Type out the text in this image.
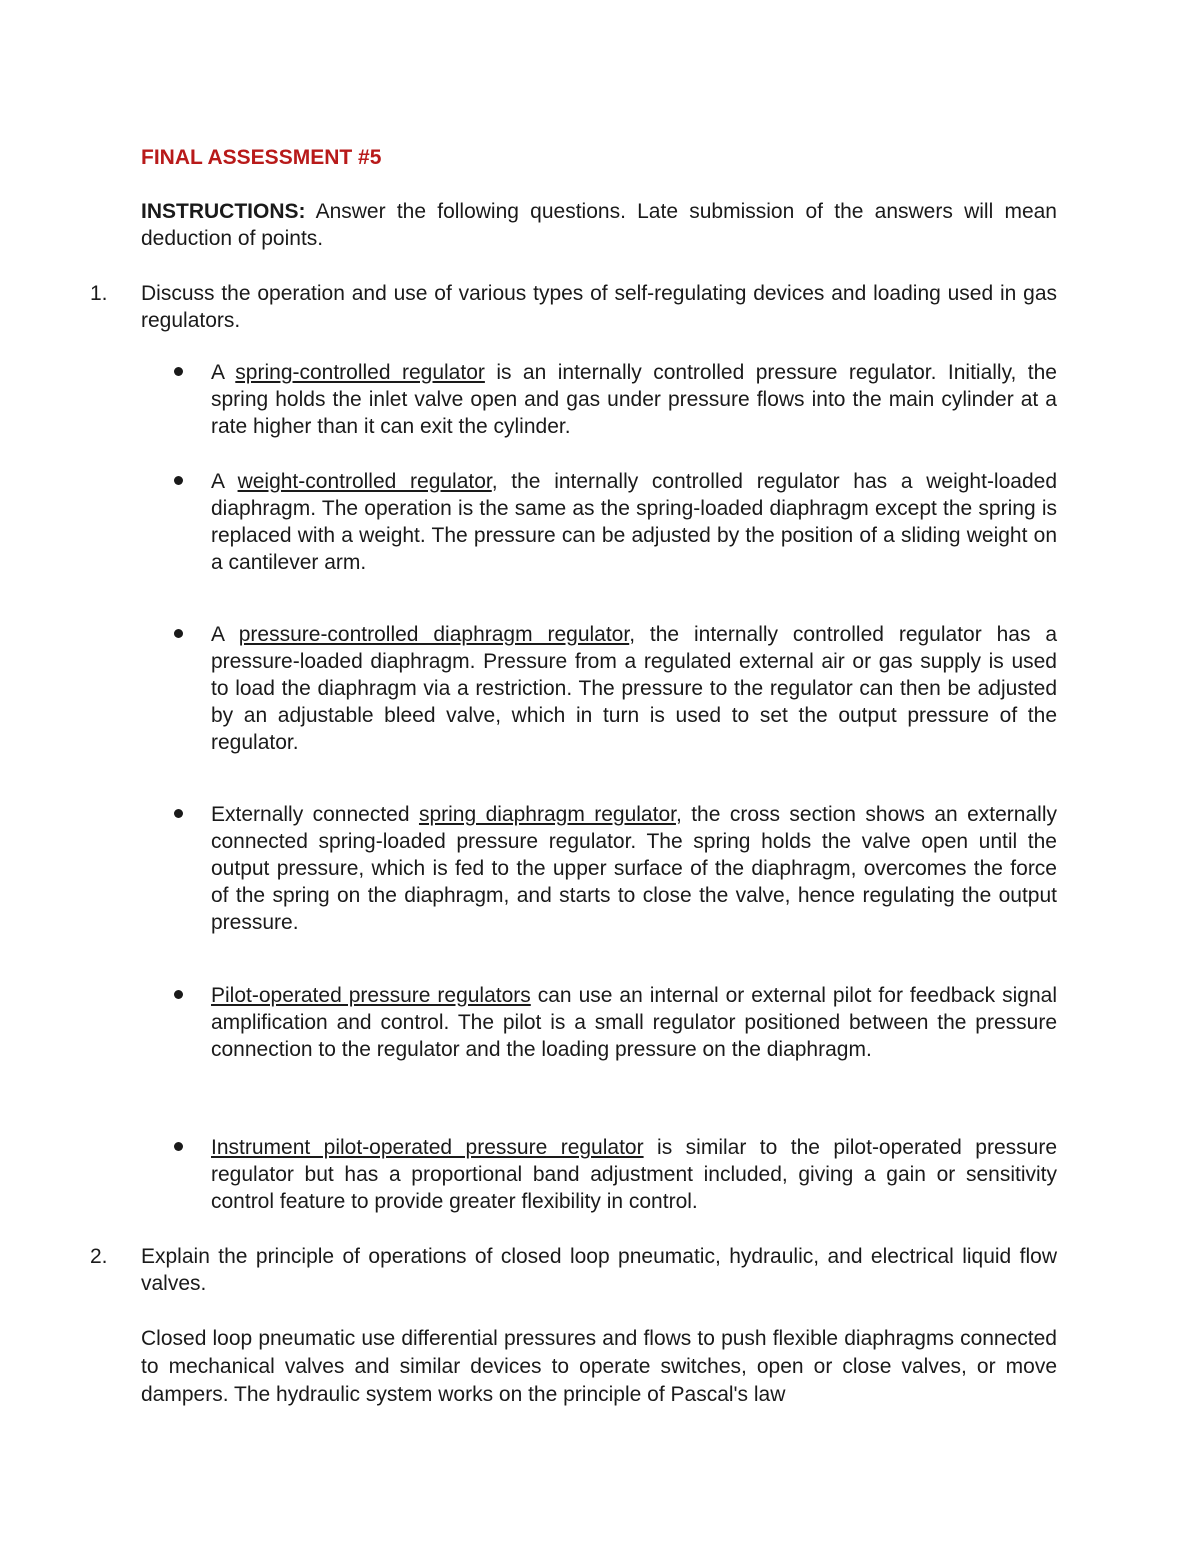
FINAL ASSESSMENT #5
INSTRUCTIONS: Answer the following questions. Late submission of the answers will mean deduction of points.
1. Discuss the operation and use of various types of self-regulating devices and loading used in gas regulators.
A spring-controlled regulator is an internally controlled pressure regulator. Initially, the spring holds the inlet valve open and gas under pressure flows into the main cylinder at a rate higher than it can exit the cylinder.
A weight-controlled regulator, the internally controlled regulator has a weight-loaded diaphragm. The operation is the same as the spring-loaded diaphragm except the spring is replaced with a weight. The pressure can be adjusted by the position of a sliding weight on a cantilever arm.
A pressure-controlled diaphragm regulator, the internally controlled regulator has a pressure-loaded diaphragm. Pressure from a regulated external air or gas supply is used to load the diaphragm via a restriction. The pressure to the regulator can then be adjusted by an adjustable bleed valve, which in turn is used to set the output pressure of the regulator.
Externally connected spring diaphragm regulator, the cross section shows an externally connected spring-loaded pressure regulator. The spring holds the valve open until the output pressure, which is fed to the upper surface of the diaphragm, overcomes the force of the spring on the diaphragm, and starts to close the valve, hence regulating the output pressure.
Pilot-operated pressure regulators can use an internal or external pilot for feedback signal amplification and control. The pilot is a small regulator positioned between the pressure connection to the regulator and the loading pressure on the diaphragm.
Instrument pilot-operated pressure regulator is similar to the pilot-operated pressure regulator but has a proportional band adjustment included, giving a gain or sensitivity control feature to provide greater flexibility in control.
2. Explain the principle of operations of closed loop pneumatic, hydraulic, and electrical liquid flow valves.
Closed loop pneumatic use differential pressures and flows to push flexible diaphragms connected to mechanical valves and similar devices to operate switches, open or close valves, or move dampers. The hydraulic system works on the principle of Pascal's law
